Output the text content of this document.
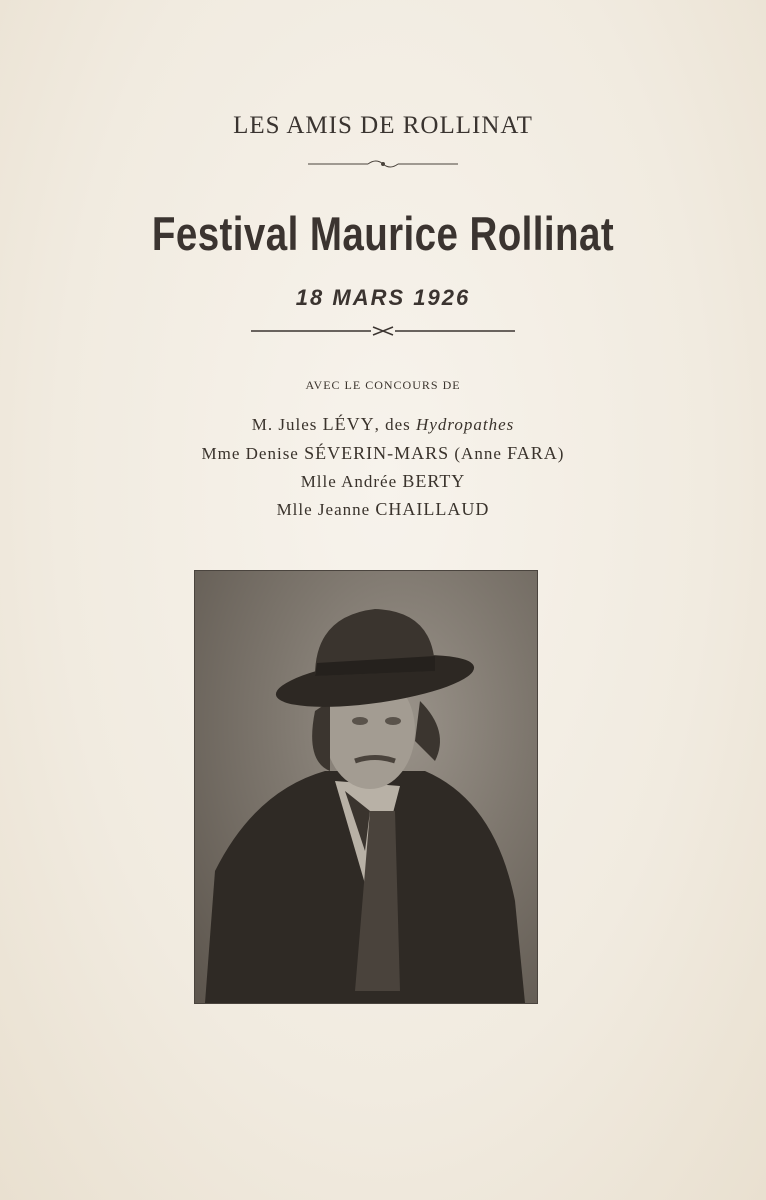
LES AMIS DE ROLLINAT
Festival Maurice Rollinat
18 MARS 1926
AVEC LE CONCOURS DE
M. Jules LÉVY, des Hydropathes
Mme Denise SÉVERIN-MARS (Anne FARA)
Mlle Andrée BERTY
Mlle Jeanne CHAILLAUD
